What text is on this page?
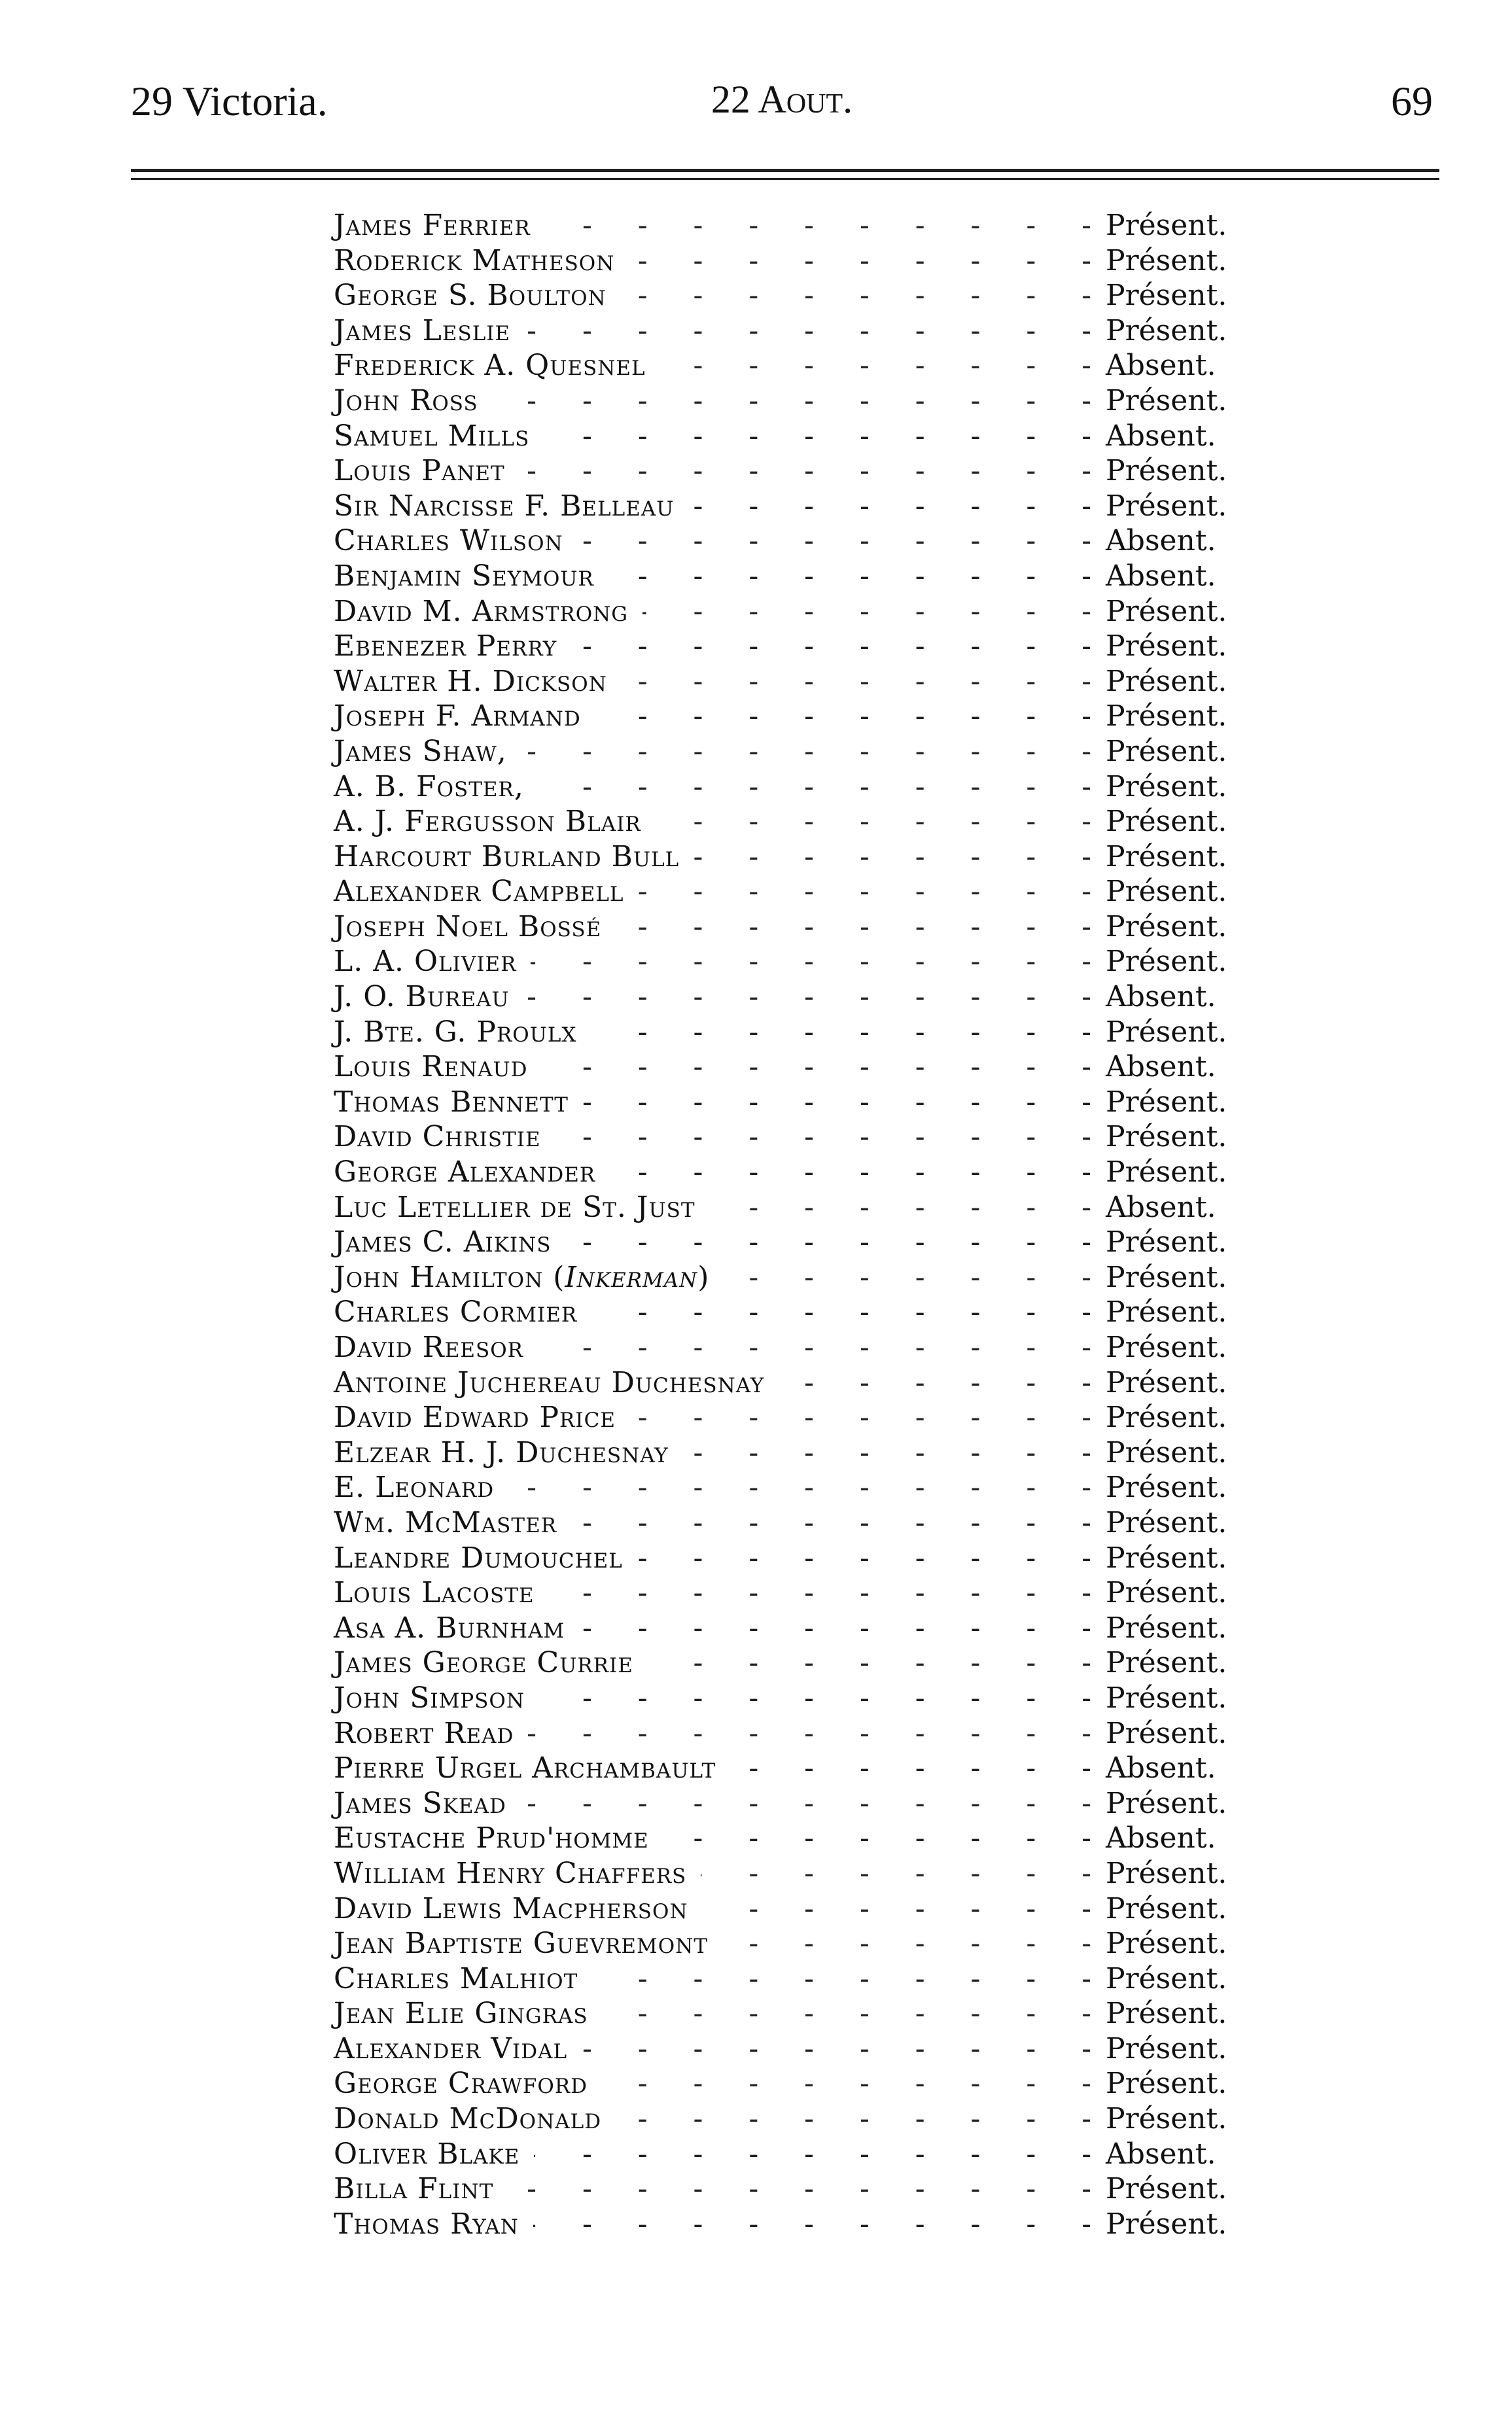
29 Victoria.	22 Aout.	69
James Ferrier -	Présent.
Roderick Matheson -	Présent.
George S. Boulton -	Présent.
James Leslie -	Présent.
Frederick A. Quesnel -	Absent.
John Ross -	Présent.
Samuel Mills -	Absent.
Louis Panet -	Présent.
Sir Narcisse F. Belleau -	Présent.
Charles Wilson -	Absent.
Benjamin Seymour -	Absent.
David M. Armstrong -	Présent.
Ebenezer Perry -	Présent.
Walter H. Dickson -	Présent.
Joseph F. Armand -	Présent.
James Shaw, -	Présent.
A. B. Foster, -	Présent.
A. J. Fergusson Blair -	Présent.
Harcourt Burland Bull -	Présent.
Alexander Campbell -	Présent.
Joseph Noel Bossé -	Présent.
L. A. Olivier -	Présent.
J. O. Bureau -	Absent.
J. Bte. G. Proulx -	Présent.
Louis Renaud -	Absent.
Thomas Bennett -	Présent.
David Christie -	Présent.
George Alexander -	Présent.
Luc Letellier de St. Just -	Absent.
James C. Aikins -	Présent.
John Hamilton (Inkerman) -	Présent.
Charles Cormier -	Présent.
David Reesor -	Présent.
Antoine Juchereau Duchesnay -	Présent.
David Edward Price -	Présent.
Elzear H. J. Duchesnay -	Présent.
E. Leonard -	Présent.
Wm. McMaster -	Présent.
Leandre Dumouchel -	Présent.
Louis Lacoste -	Présent.
Asa A. Burnham -	Présent.
James George Currie -	Présent.
John Simpson -	Présent.
Robert Read -	Présent.
Pierre Urgel Archambault -	Absent.
James Skead -	Présent.
Eustache Prud'homme -	Absent.
William Henry Chaffers -	Présent.
David Lewis Macpherson -	Présent.
Jean Baptiste Guevremont -	Présent.
Charles Malhiot -	Présent.
Jean Elie Gingras -	Présent.
Alexander Vidal -	Présent.
George Crawford -	Présent.
Donald McDonald -	Présent.
Oliver Blake -	Absent.
Billa Flint -	Présent.
Thomas Ryan -	Présent.
